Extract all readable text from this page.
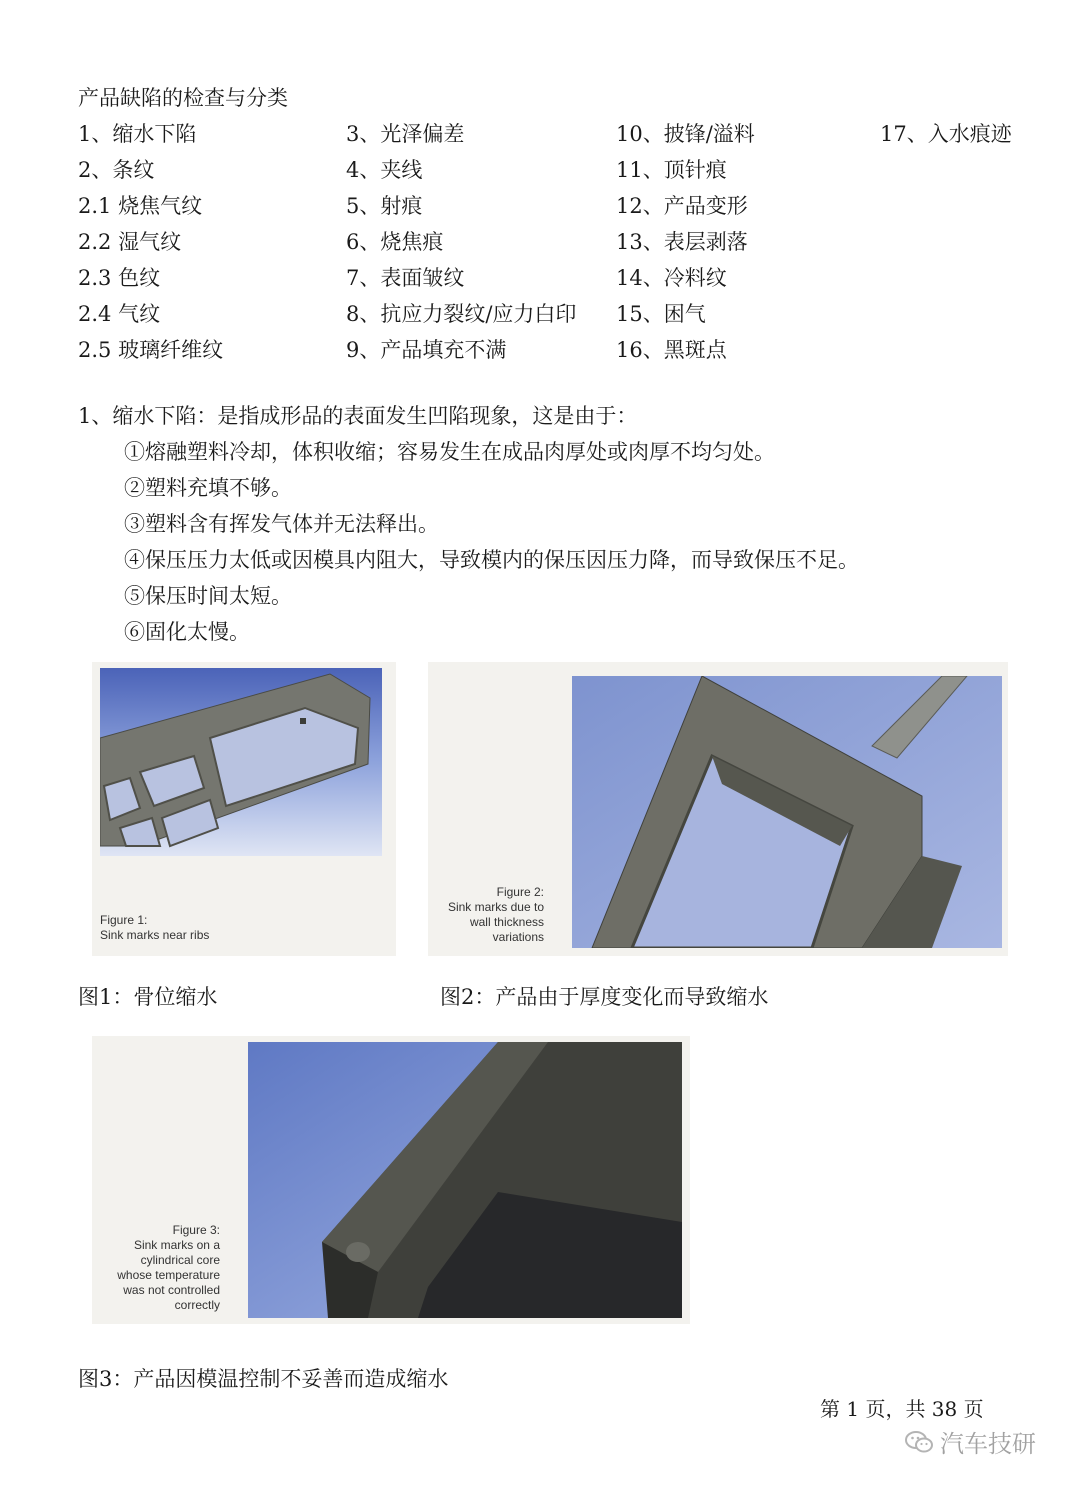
产品缺陷的检查与分类
1、缩水下陷
2、条纹
2.1 烧焦气纹
2.2 湿气纹
2.3 色纹
2.4 气纹
2.5 玻璃纤维纹
3、光泽偏差
4、夹线
5、射痕
6、烧焦痕
7、表面皱纹
8、抗应力裂纹/应力白印
9、产品填充不满
10、披锋/溢料
11、顶针痕
12、产品变形
13、表层剥落
14、冷料纹
15、困气
16、黑斑点
17、入水痕迹
1、缩水下陷：是指成形品的表面发生凹陷现象，这是由于：
①熔融塑料冷却，体积收缩；容易发生在成品肉厚处或肉厚不均匀处。
②塑料充填不够。
③塑料含有挥发气体并无法释出。
④保压压力太低或因模具内阻大，导致模内的保压因压力降，而导致保压不足。
⑤保压时间太短。
⑥固化太慢。
Figure 1:
Sink marks near ribs
图1：骨位缩水
Figure 2:
Sink marks due to
wall thickness
variations
图2：产品由于厚度变化而导致缩水
Figure 3:
Sink marks on a
cylindrical core
whose temperature
was not controlled
correctly
图3：产品因模温控制不妥善而造成缩水
第 1 页，共 38 页
汽车技研
